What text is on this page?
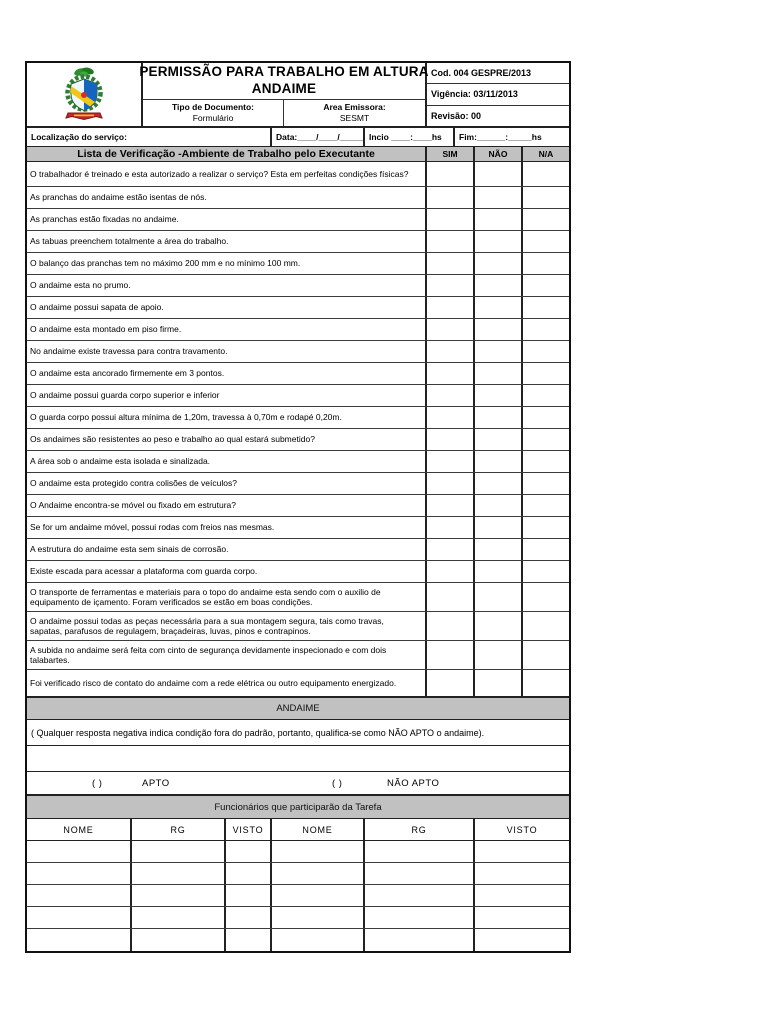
PERMISSÃO PARA TRABALHO EM ALTURA
ANDAIME
Tipo de Documento:
Formulário
Area Emissora:
SESMT
Cod. 004 GESPRE/2013
Vigência: 03/11/2013
Revisão: 00
Localização do serviço:	Data:____/____/_____ Incio ____:____hs	Fim:______:_____hs
Lista de Verificação -Ambiente de Trabalho pelo Executante	SIM	NÃO	N/A
O trabalhador é treinado e esta autorizado a realizar o serviço? Esta em perfeitas condições físicas?
As pranchas do andaime estão isentas de nós.
As pranchas estão fixadas no andaime.
As tabuas preenchem totalmente a área do trabalho.
O balanço das pranchas tem no máximo 200 mm e no mínimo 100 mm.
O andaime esta no prumo.
O andaime possui sapata de apoio.
O andaime esta montado em piso firme.
No andaime existe travessa para contra travamento.
O andaime esta ancorado firmemente em 3 pontos.
O andaime possui guarda corpo superior e inferior
O guarda corpo possui altura mínima de 1,20m, travessa à 0,70m e rodapé 0,20m.
Os andaimes são resistentes ao peso e trabalho ao qual estará submetido?
A área sob o andaime esta isolada e sinalizada.
O andaime esta protegido contra colisões de veículos?
O Andaime encontra-se móvel ou fixado em estrutura?
Se for um andaime móvel, possui rodas com freios nas mesmas.
A estrutura do andaime esta sem sinais de corrosão.
Existe escada para acessar a plataforma com guarda corpo.
O transporte de ferramentas e materiais para o topo do andaime esta sendo com o auxilio de equipamento de içamento. Foram verificados se estão em boas condições.
O andaime possui todas as peças necessária para a sua montagem segura, tais como travas, sapatas, parafusos de regulagem, braçadeiras, luvas, pinos e contrapinos.
A subida no andaime será feita com cinto de segurança devidamente inspecionado e com dois talabartes.
Foi verificado risco de contato do andaime com a rede elétrica ou outro equipamento energizado.
ANDAIME
( Qualquer resposta negativa indica condição fora do padrão, portanto, qualifica-se como NÃO APTO o andaime).
( )	APTO	( )	NÃO APTO
Funcionários que participarão da Tarefa
NOME	RG	VISTO	NOME	RG	VISTO
